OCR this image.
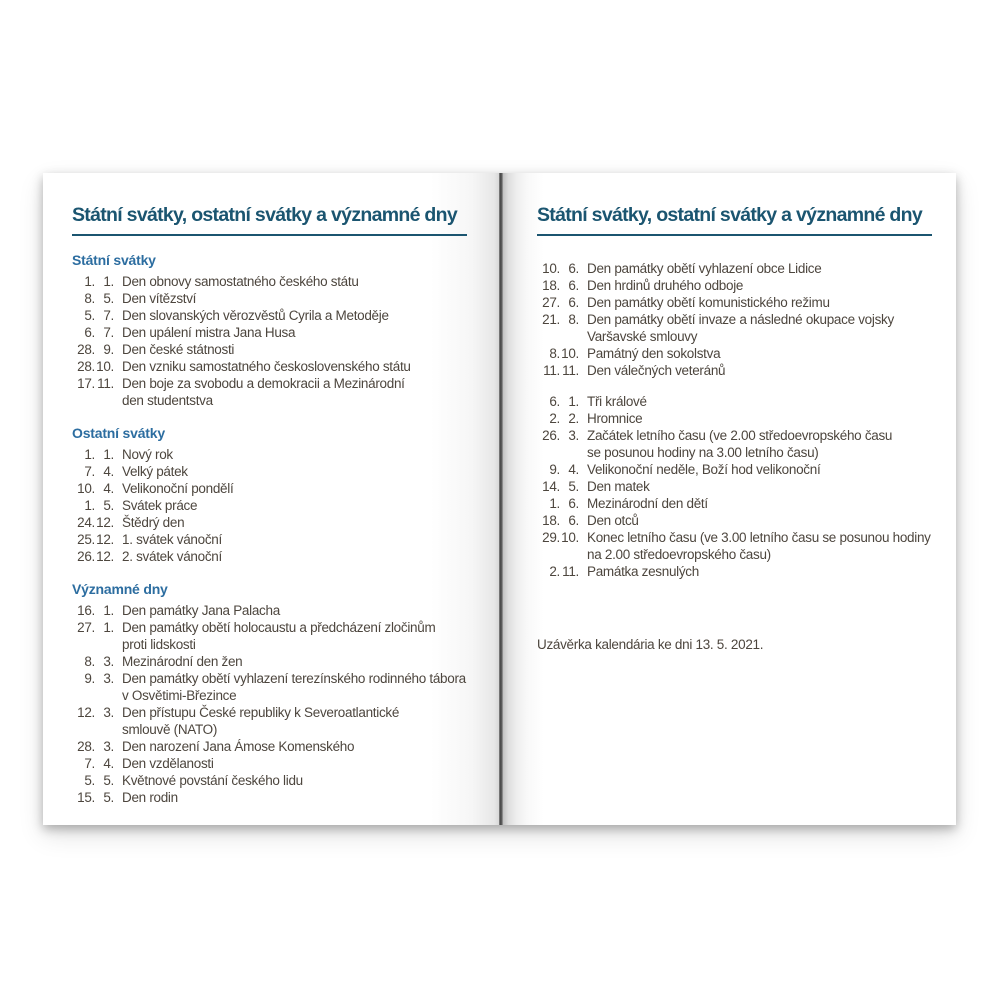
Státní svátky, ostatní svátky a významné dny
Státní svátky
1. 1. Den obnovy samostatného českého státu
8. 5. Den vítězství
5. 7. Den slovanských věrozvěstů Cyrila a Metoděje
6. 7. Den upálení mistra Jana Husa
28. 9. Den české státnosti
28. 10. Den vzniku samostatného československého státu
17. 11. Den boje za svobodu a demokracii a Mezinárodní
den studentstva
Ostatní svátky
1. 1. Nový rok
7. 4. Velký pátek
10. 4. Velikonoční pondělí
1. 5. Svátek práce
24. 12. Štědrý den
25. 12. 1. svátek vánoční
26. 12. 2. svátek vánoční
Významné dny
16. 1. Den památky Jana Palacha
27. 1. Den památky obětí holocaustu a předcházení zločinům
proti lidskosti
8. 3. Mezinárodní den žen
9. 3. Den památky obětí vyhlazení terezínského rodinného tábora
v Osvětimi-Březince
12. 3. Den přístupu České republiky k Severoatlantické
smlouvě (NATO)
28. 3. Den narození Jana Ámose Komenského
7. 4. Den vzdělanosti
5. 5. Květnové povstání českého lidu
15. 5. Den rodin
Státní svátky, ostatní svátky a významné dny
10. 6. Den památky obětí vyhlazení obce Lidice
18. 6. Den hrdinů druhého odboje
27. 6. Den památky obětí komunistického režimu
21. 8. Den památky obětí invaze a následné okupace vojsky
Varšavské smlouvy
8. 10. Památný den sokolstva
11. 11. Den válečných veteránů
6. 1. Tři králové
2. 2. Hromnice
26. 3. Začátek letního času (ve 2.00 středoevropského času
se posunou hodiny na 3.00 letního času)
9. 4. Velikonoční neděle, Boží hod velikonoční
14. 5. Den matek
1. 6. Mezinárodní den dětí
18. 6. Den otců
29. 10. Konec letního času (ve 3.00 letního času se posunou hodiny
na 2.00 středoevropského času)
2. 11. Památka zesnulých
Uzávěrka kalendária ke dni 13. 5. 2021.
